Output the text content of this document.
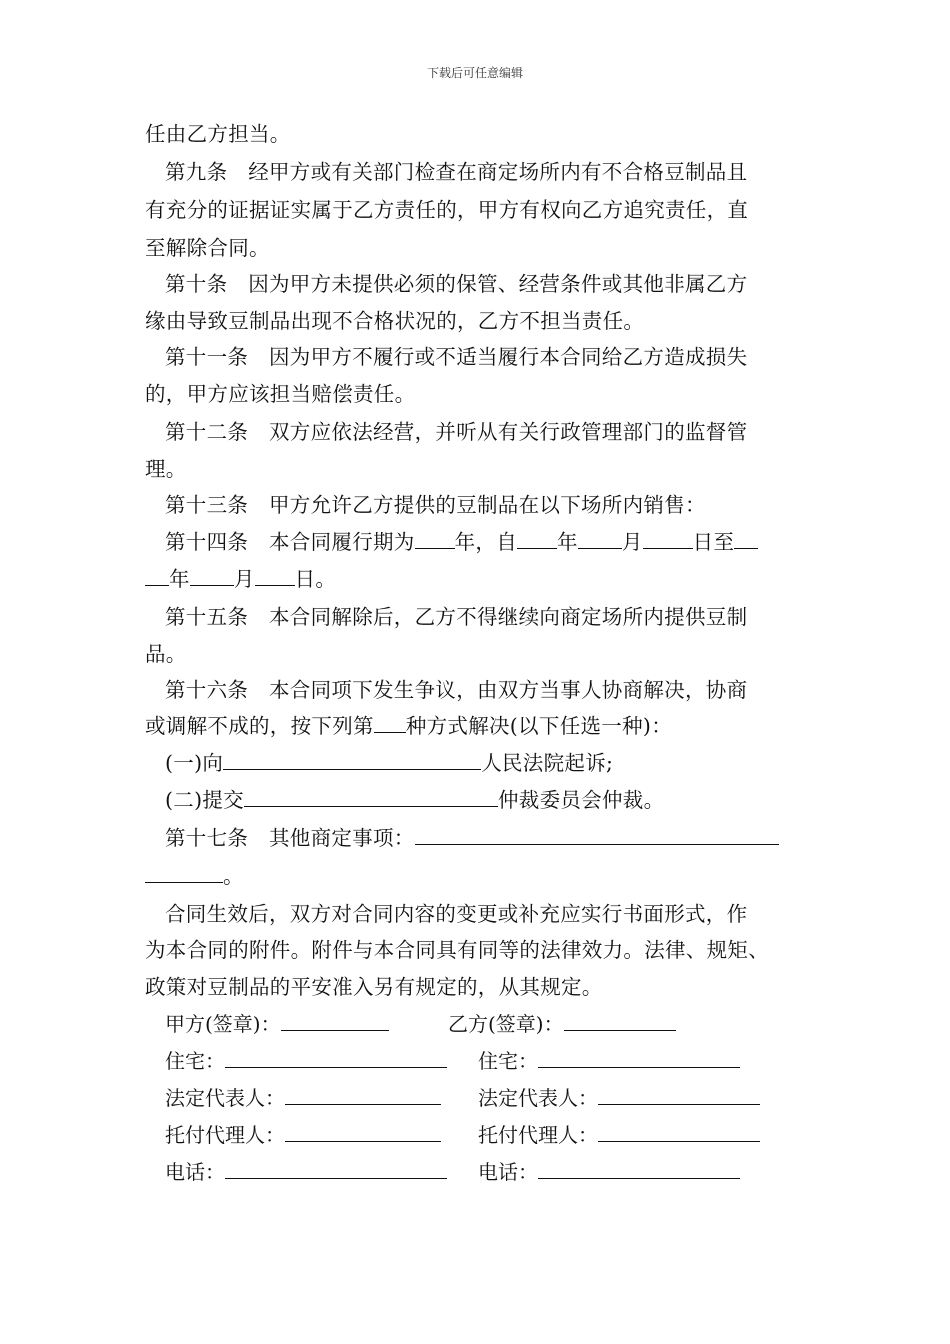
下载后可任意编辑
任由乙方担当。
第九条　经甲方或有关部门检查在商定场所内有不合格豆制品且
有充分的证据证实属于乙方责任的，甲方有权向乙方追究责任，直
至解除合同。
第十条　因为甲方未提供必须的保管、经营条件或其他非属乙方
缘由导致豆制品出现不合格状况的，乙方不担当责任。
第十一条　因为甲方不履行或不适当履行本合同给乙方造成损失
的，甲方应该担当赔偿责任。
第十二条　双方应依法经营，并听从有关行政管理部门的监督管
理。
第十三条　甲方允许乙方提供的豆制品在以下场所内销售：
第十四条　本合同履行期为 年，自 年 月 日至
年 月 日。
第十五条　本合同解除后，乙方不得继续向商定场所内提供豆制
品。
第十六条　本合同项下发生争议，由双方当事人协商解决，协商
或调解不成的，按下列第 种方式解决(以下任选一种)：
(一)向	人民法院起诉;
(二)提交	仲裁委员会仲裁。
第十七条　其他商定事项：
。
合同生效后，双方对合同内容的变更或补充应实行书面形式，作
为本合同的附件。附件与本合同具有同等的法律效力。法律、规矩、
政策对豆制品的平安准入另有规定的，从其规定。
甲方(签章)：	乙方(签章)：
住宅：	住宅：
法定代表人：	法定代表人：
托付代理人：	托付代理人：
电话：	电话：
